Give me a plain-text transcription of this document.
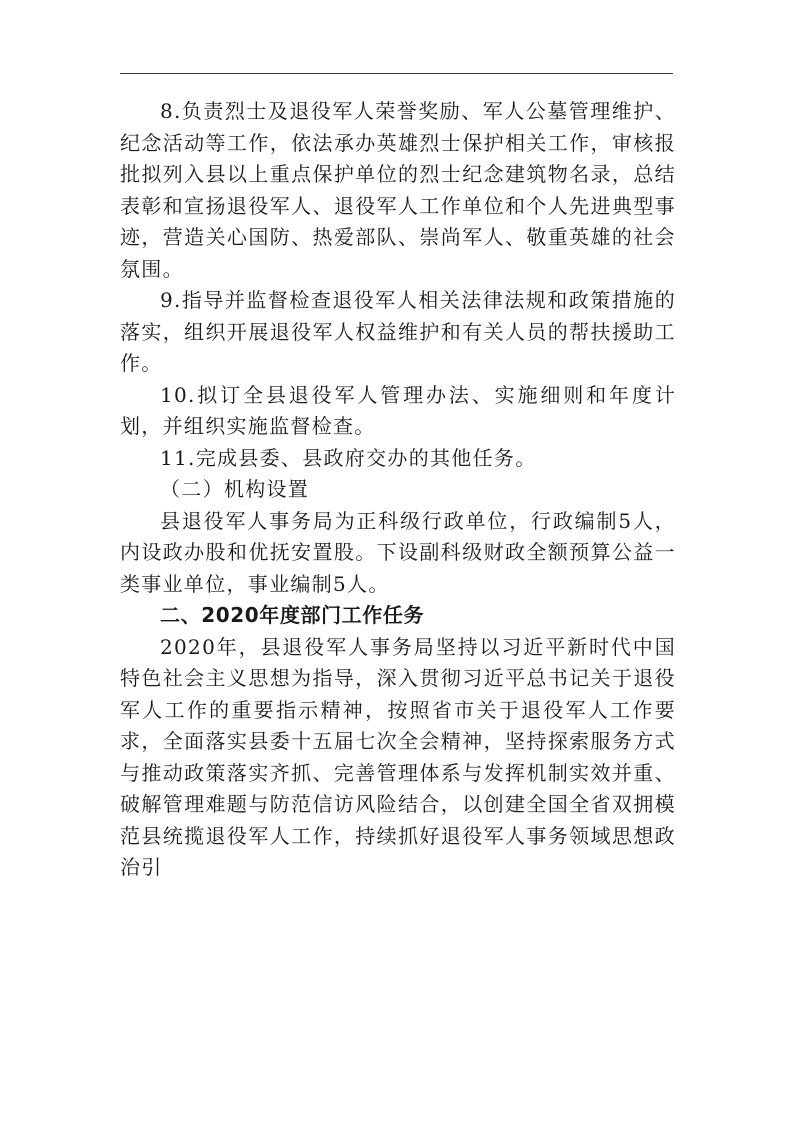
8.负责烈士及退役军人荣誉奖励、军人公墓管理维护、纪念活动等工作，依法承办英雄烈士保护相关工作，审核报批拟列入县以上重点保护单位的烈士纪念建筑物名录，总结表彰和宣扬退役军人、退役军人工作单位和个人先进典型事迹，营造关心国防、热爱部队、崇尚军人、敬重英雄的社会氛围。

9.指导并监督检查退役军人相关法律法规和政策措施的落实，组织开展退役军人权益维护和有关人员的帮扶援助工作。

10.拟订全县退役军人管理办法、实施细则和年度计划，并组织实施监督检查。

11.完成县委、县政府交办的其他任务。

（二）机构设置

县退役军人事务局为正科级行政单位，行政编制5人，内设政办股和优抚安置股。下设副科级财政全额预算公益一类事业单位，事业编制5人。

二、2020年度部门工作任务

2020年，县退役军人事务局坚持以习近平新时代中国特色社会主义思想为指导，深入贯彻习近平总书记关于退役军人工作的重要指示精神，按照省市关于退役军人工作要求，全面落实县委十五届七次全会精神，坚持探索服务方式与推动政策落实齐抓、完善管理体系与发挥机制实效并重、破解管理难题与防范信访风险结合，以创建全国全省双拥模范县统揽退役军人工作，持续抓好退役军人事务领域思想政治引
